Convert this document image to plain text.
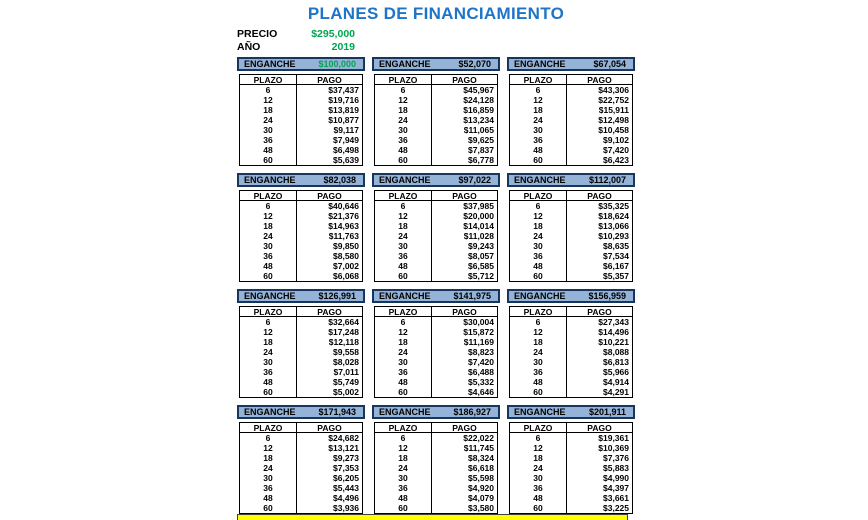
PLANES DE FINANCIAMIENTO
PRECIO	$295,000
AÑO	2019
ENGANCHE	$100,000
PLAZO	PAGO
6	$37,437
12	$19,716
18	$13,819
24	$10,877
30	$9,117
36	$7,949
48	$6,498
60	$5,639
ENGANCHE	$52,070
PLAZO	PAGO
6	$45,967
12	$24,128
18	$16,859
24	$13,234
30	$11,065
36	$9,625
48	$7,837
60	$6,778
ENGANCHE	$67,054
PLAZO	PAGO
6	$43,306
12	$22,752
18	$15,911
24	$12,498
30	$10,458
36	$9,102
48	$7,420
60	$6,423
ENGANCHE	$82,038
PLAZO	PAGO
6	$40,646
12	$21,376
18	$14,963
24	$11,763
30	$9,850
36	$8,580
48	$7,002
60	$6,068
ENGANCHE	$97,022
PLAZO	PAGO
6	$37,985
12	$20,000
18	$14,014
24	$11,028
30	$9,243
36	$8,057
48	$6,585
60	$5,712
ENGANCHE	$112,007
PLAZO	PAGO
6	$35,325
12	$18,624
18	$13,066
24	$10,293
30	$8,635
36	$7,534
48	$6,167
60	$5,357
ENGANCHE	$126,991
PLAZO	PAGO
6	$32,664
12	$17,248
18	$12,118
24	$9,558
30	$8,028
36	$7,011
48	$5,749
60	$5,002
ENGANCHE	$141,975
PLAZO	PAGO
6	$30,004
12	$15,872
18	$11,169
24	$8,823
30	$7,420
36	$6,488
48	$5,332
60	$4,646
ENGANCHE	$156,959
PLAZO	PAGO
6	$27,343
12	$14,496
18	$10,221
24	$8,088
30	$6,813
36	$5,966
48	$4,914
60	$4,291
ENGANCHE	$171,943
PLAZO	PAGO
6	$24,682
12	$13,121
18	$9,273
24	$7,353
30	$6,205
36	$5,443
48	$4,496
60	$3,936
ENGANCHE	$186,927
PLAZO	PAGO
6	$22,022
12	$11,745
18	$8,324
24	$6,618
30	$5,598
36	$4,920
48	$4,079
60	$3,580
ENGANCHE	$201,911
PLAZO	PAGO
6	$19,361
12	$10,369
18	$7,376
24	$5,883
30	$4,990
36	$4,397
48	$3,661
60	$3,225
